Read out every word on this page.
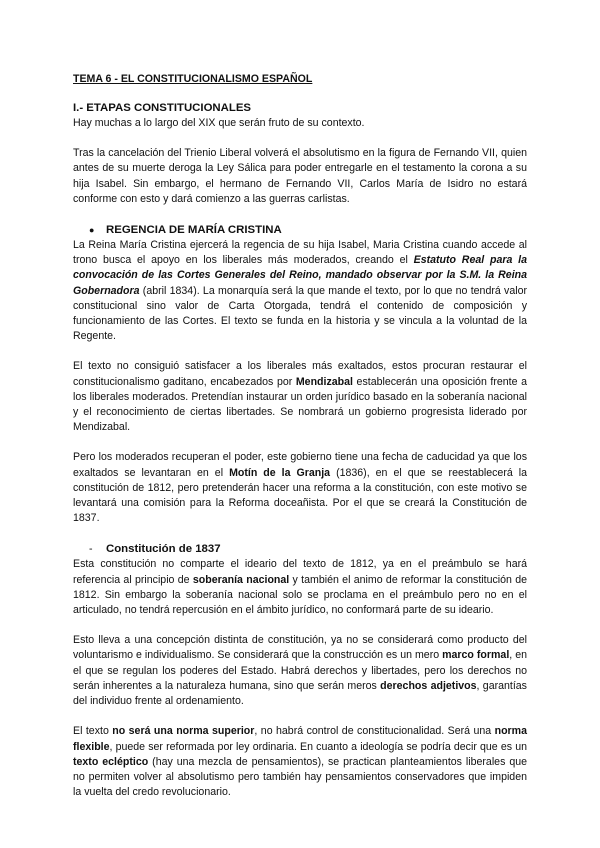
TEMA 6 - EL CONSTITUCIONALISMO ESPAÑOL
I.- ETAPAS CONSTITUCIONALES

Hay muchas a lo largo del XIX que serán fruto de su contexto.

Tras la cancelación del Trienio Liberal volverá el absolutismo en la figura de Fernando VII, quien antes de su muerte deroga la Ley Sálica para poder entregarle en el testamento la corona a su hija Isabel. Sin embargo, el hermano de Fernando VII, Carlos María de Isidro no estará conforme con esto y dará comienzo a las guerras carlistas.

●	REGENCIA DE MARÍA CRISTINA

La Reina María Cristina ejercerá la regencia de su hija Isabel, Maria Cristina cuando accede al trono busca el apoyo en los liberales más moderados, creando el Estatuto Real para la convocación de las Cortes Generales del Reino, mandado observar por la S.M. la Reina Gobernadora (abril 1834). La monarquía será la que mande el texto, por lo que no tendrá valor constitucional sino valor de Carta Otorgada, tendrá el contenido de composición y funcionamiento de las Cortes. El texto se funda en la historia y se vincula a la voluntad de la Regente.

El texto no consiguió satisfacer a los liberales más exaltados, estos procuran restaurar el constitucionalismo gaditano, encabezados por Mendizabal establecerán una oposición frente a los liberales moderados. Pretendían instaurar un orden jurídico basado en la soberanía nacional y el reconocimiento de ciertas libertades. Se nombrará un gobierno progresista liderado por Mendizabal.

Pero los moderados recuperan el poder, este gobierno tiene una fecha de caducidad ya que los exaltados se levantaran en el Motín de la Granja (1836), en el que se reestablecerá la constitución de 1812, pero pretenderán hacer una reforma a la constitución, con este motivo se levantará una comisión para la Reforma doceañista. Por el que se creará la Constitución de 1837.

-	Constitución de 1837

Esta constitución no comparte el ideario del texto de 1812, ya en el preámbulo se hará referencia al principio de soberanía nacional y también el animo de reformar la constitución de 1812. Sin embargo la soberanía nacional solo se proclama en el preámbulo pero no en el articulado, no tendrá repercusión en el ámbito jurídico, no conformará parte de su ideario.

Esto lleva a una concepción distinta de constitución, ya no se considerará como producto del voluntarismo e individualismo. Se considerará que la construcción es un mero marco formal, en el que se regulan los poderes del Estado. Habrá derechos y libertades, pero los derechos no serán inherentes a la naturaleza humana, sino que serán meros derechos adjetivos, garantías del individuo frente al ordenamiento.

El texto no será una norma superior, no habrá control de constitucionalidad. Será una norma flexible, puede ser reformada por ley ordinaria. En cuanto a ideología se podría decir que es un texto ecléptico (hay una mezcla de pensamientos), se practican planteamientos liberales que no permiten volver al absolutismo pero también hay pensamientos conservadores que impiden la vuelta del credo revolucionario.
